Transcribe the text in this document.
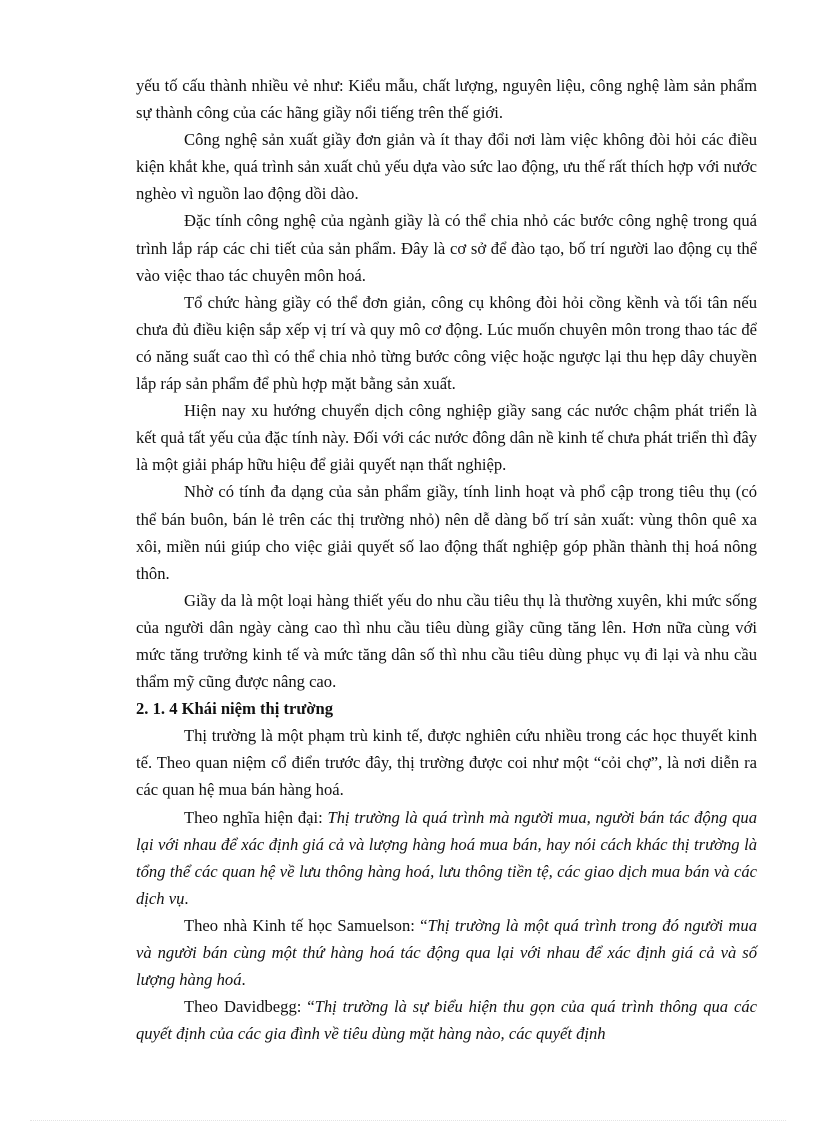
yếu tố cấu thành nhiều vẻ như: Kiểu mẫu, chất lượng, nguyên liệu, công nghệ làm sản phẩm sự thành công của các hãng giầy nổi tiếng trên thế giới.

Công nghệ sản xuất giầy đơn giản và ít thay đổi nơi làm việc không đòi hỏi các điều kiện khắt khe, quá trình sản xuất chủ yếu dựa vào sức lao động, ưu thế rất thích hợp với nước nghèo vì nguồn lao động dồi dào.

Đặc tính công nghệ của ngành giầy là có thể chia nhỏ các bước công nghệ trong quá trình lắp ráp các chi tiết của sản phẩm. Đây là cơ sở để đào tạo, bố trí người lao động cụ thể vào việc thao tác chuyên môn hoá.

Tổ chức hàng giầy có thể đơn giản, công cụ không đòi hỏi cồng kềnh và tối tân nếu chưa đủ điều kiện sắp xếp vị trí và quy mô cơ động. Lúc muốn chuyên môn trong thao tác để có năng suất cao thì có thể chia nhỏ từng bước công việc hoặc ngược lại thu hẹp dây chuyền lắp ráp sản phẩm để phù hợp mặt bằng sản xuất.

Hiện nay xu hướng chuyển dịch công nghiệp giầy sang các nước chậm phát triển là kết quả tất yếu của đặc tính này. Đối với các nước đông dân nề kinh tế chưa phát triển thì đây là một giải pháp hữu hiệu để giải quyết nạn thất nghiệp.

Nhờ có tính đa dạng của sản phẩm giầy, tính linh hoạt và phổ cập trong tiêu thụ (có thể bán buôn, bán lẻ trên các thị trường nhỏ) nên dễ dàng bố trí sản xuất: vùng thôn quê xa xôi, miền núi giúp cho việc giải quyết số lao động thất nghiệp góp phần thành thị hoá nông thôn.

Giầy da là một loại hàng thiết yếu do nhu cầu tiêu thụ là thường xuyên, khi mức sống của người dân ngày càng cao thì nhu cầu tiêu dùng giầy cũng tăng lên. Hơn nữa cùng với mức tăng trưởng kinh tế và mức tăng dân số thì nhu cầu tiêu dùng phục vụ đi lại và nhu cầu thẩm mỹ cũng được nâng cao.

2. 1. 4 Khái niệm thị trường

Thị trường là một phạm trù kinh tế, được nghiên cứu nhiều trong các học thuyết kinh tế. Theo quan niệm cổ điển trước đây, thị trường được coi như một “cỏi chợ”, là nơi diễn ra các quan hệ mua bán hàng hoá.

Theo nghĩa hiện đại: Thị trường là quá trình mà người mua, người bán tác động qua lại với nhau để xác định giá cả và lượng hàng hoá mua bán, hay nói cách khác thị trường là tổng thể các quan hệ về lưu thông hàng hoá, lưu thông tiền tệ, các giao dịch mua bán và các dịch vụ.

Theo nhà Kinh tế học Samuelson: “Thị trường là một quá trình trong đó người mua và người bán cùng một thứ hàng hoá tác động qua lại với nhau để xác định giá cả và số lượng hàng hoá.

Theo Davidbegg: “Thị trường là sự biểu hiện thu gọn của quá trình thông qua các quyết định của các gia đình về tiêu dùng mặt hàng nào, các quyết định
